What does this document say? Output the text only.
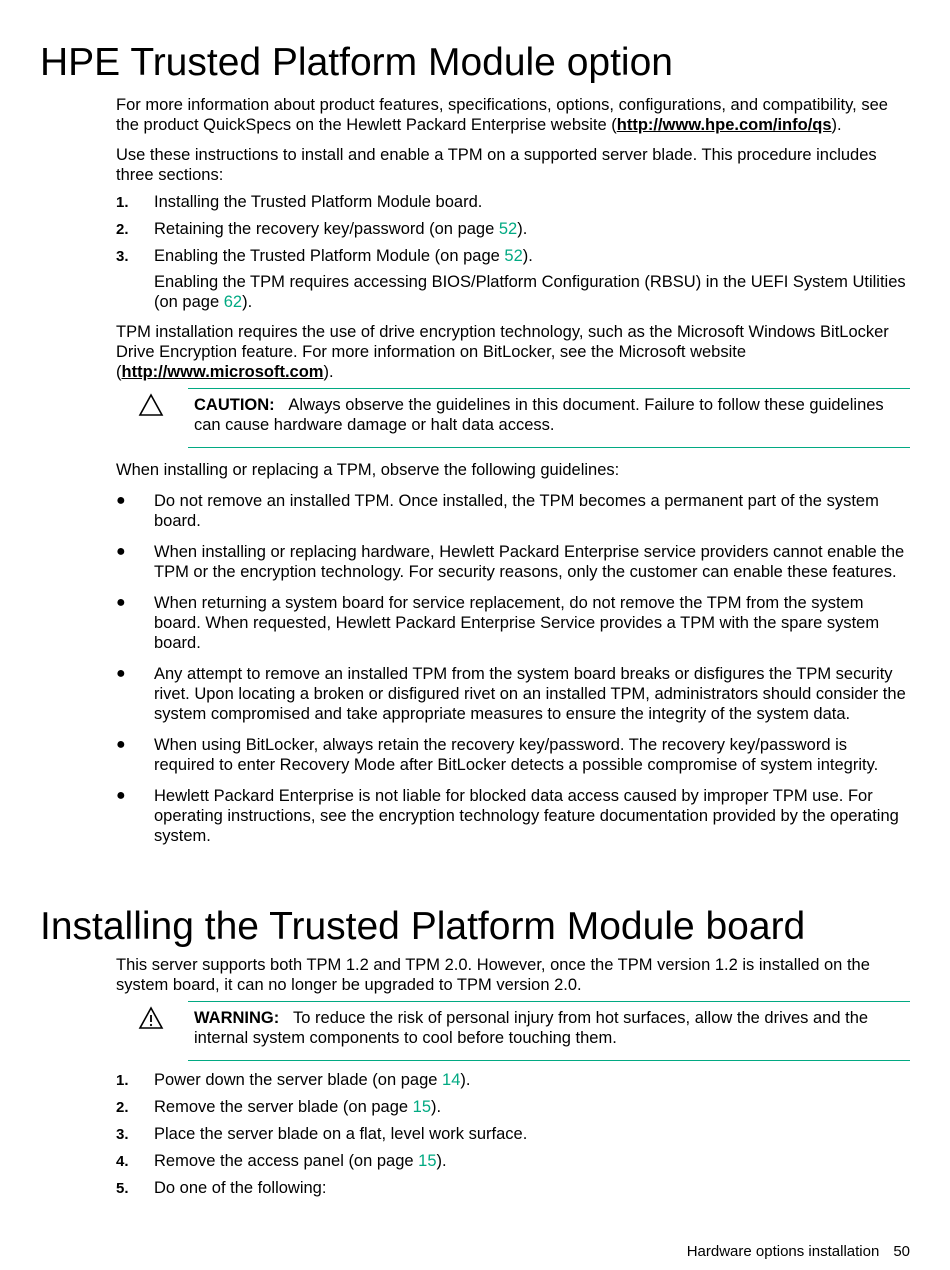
HPE Trusted Platform Module option

For more information about product features, specifications, options, configurations, and compatibility, see the product QuickSpecs on the Hewlett Packard Enterprise website (http://www.hpe.com/info/qs).

Use these instructions to install and enable a TPM on a supported server blade. This procedure includes three sections:

1. Installing the Trusted Platform Module board.
2. Retaining the recovery key/password (on page 52).
3. Enabling the Trusted Platform Module (on page 52).

Enabling the TPM requires accessing BIOS/Platform Configuration (RBSU) in the UEFI System Utilities (on page 62).

TPM installation requires the use of drive encryption technology, such as the Microsoft Windows BitLocker Drive Encryption feature. For more information on BitLocker, see the Microsoft website (http://www.microsoft.com).

CAUTION: Always observe the guidelines in this document. Failure to follow these guidelines can cause hardware damage or halt data access.

When installing or replacing a TPM, observe the following guidelines:

● Do not remove an installed TPM. Once installed, the TPM becomes a permanent part of the system board.
● When installing or replacing hardware, Hewlett Packard Enterprise service providers cannot enable the TPM or the encryption technology. For security reasons, only the customer can enable these features.
● When returning a system board for service replacement, do not remove the TPM from the system board. When requested, Hewlett Packard Enterprise Service provides a TPM with the spare system board.
● Any attempt to remove an installed TPM from the system board breaks or disfigures the TPM security rivet. Upon locating a broken or disfigured rivet on an installed TPM, administrators should consider the system compromised and take appropriate measures to ensure the integrity of the system data.
● When using BitLocker, always retain the recovery key/password. The recovery key/password is required to enter Recovery Mode after BitLocker detects a possible compromise of system integrity.
● Hewlett Packard Enterprise is not liable for blocked data access caused by improper TPM use. For operating instructions, see the encryption technology feature documentation provided by the operating system.
Installing the Trusted Platform Module board

This server supports both TPM 1.2 and TPM 2.0. However, once the TPM version 1.2 is installed on the system board, it can no longer be upgraded to TPM version 2.0.

WARNING: To reduce the risk of personal injury from hot surfaces, allow the drives and the internal system components to cool before touching them.
1. Power down the server blade (on page 14).
2. Remove the server blade (on page 15).
3. Place the server blade on a flat, level work surface.
4. Remove the access panel (on page 15).
5. Do one of the following:
Hardware options installation 50
